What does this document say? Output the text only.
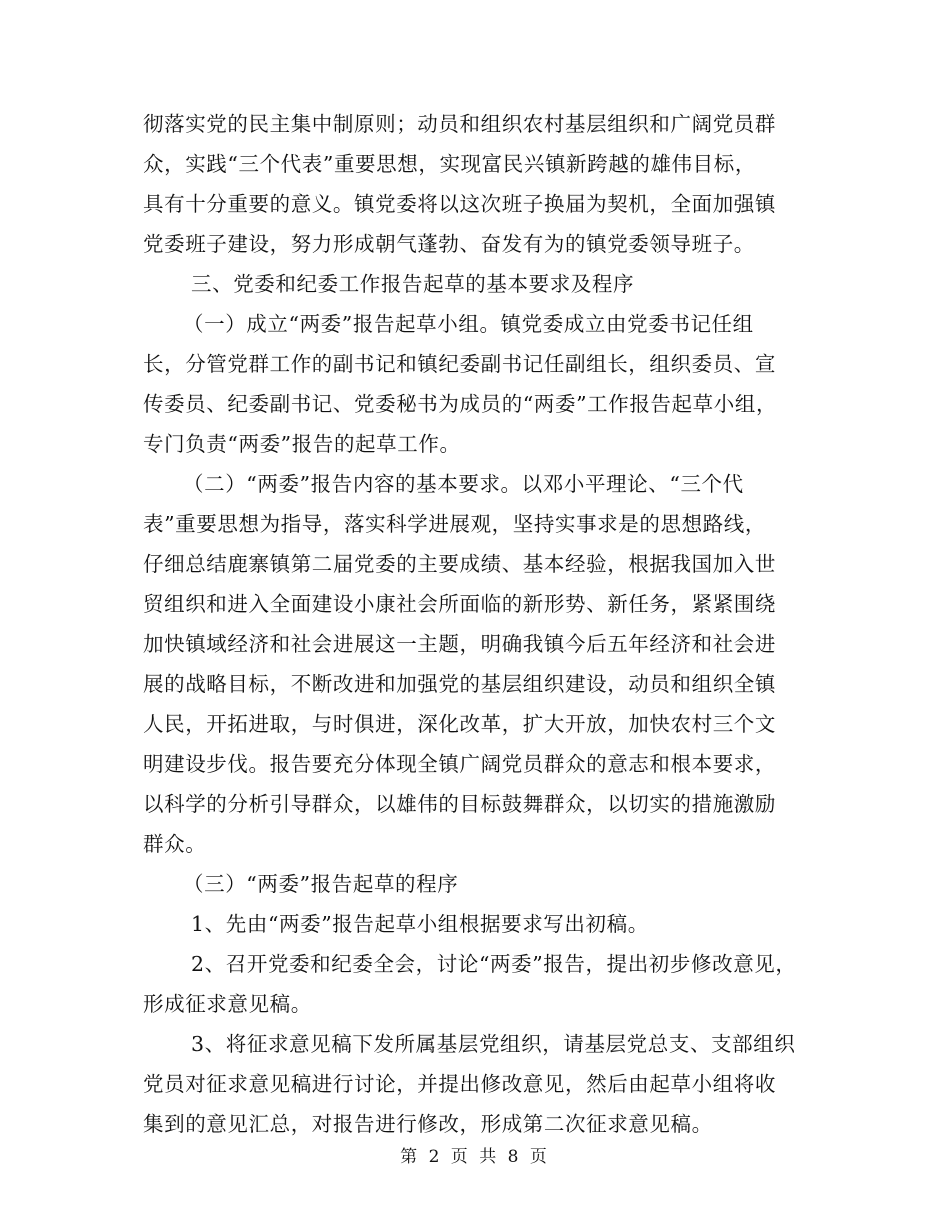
彻落实党的民主集中制原则；动员和组织农村基层组织和广阔党员群
众，实践“三个代表”重要思想，实现富民兴镇新跨越的雄伟目标，
具有十分重要的意义。镇党委将以这次班子换届为契机，全面加强镇
党委班子建设，努力形成朝气蓬勃、奋发有为的镇党委领导班子。
三、党委和纪委工作报告起草的基本要求及程序
（一）成立“两委”报告起草小组。镇党委成立由党委书记任组
长，分管党群工作的副书记和镇纪委副书记任副组长，组织委员、宣
传委员、纪委副书记、党委秘书为成员的“两委”工作报告起草小组，
专门负责“两委”报告的起草工作。
（二）“两委”报告内容的基本要求。以邓小平理论、“三个代
表”重要思想为指导，落实科学进展观，坚持实事求是的思想路线，
仔细总结鹿寨镇第二届党委的主要成绩、基本经验，根据我国加入世
贸组织和进入全面建设小康社会所面临的新形势、新任务，紧紧围绕
加快镇域经济和社会进展这一主题，明确我镇今后五年经济和社会进
展的战略目标，不断改进和加强党的基层组织建设，动员和组织全镇
人民，开拓进取，与时俱进，深化改革，扩大开放，加快农村三个文
明建设步伐。报告要充分体现全镇广阔党员群众的意志和根本要求，
以科学的分析引导群众，以雄伟的目标鼓舞群众，以切实的措施激励
群众。
（三）“两委”报告起草的程序
1、先由“两委”报告起草小组根据要求写出初稿。
2、召开党委和纪委全会，讨论“两委”报告，提出初步修改意见，
形成征求意见稿。
3、将征求意见稿下发所属基层党组织，请基层党总支、支部组织
党员对征求意见稿进行讨论，并提出修改意见，然后由起草小组将收
集到的意见汇总，对报告进行修改，形成第二次征求意见稿。
第 2 页 共 8 页
